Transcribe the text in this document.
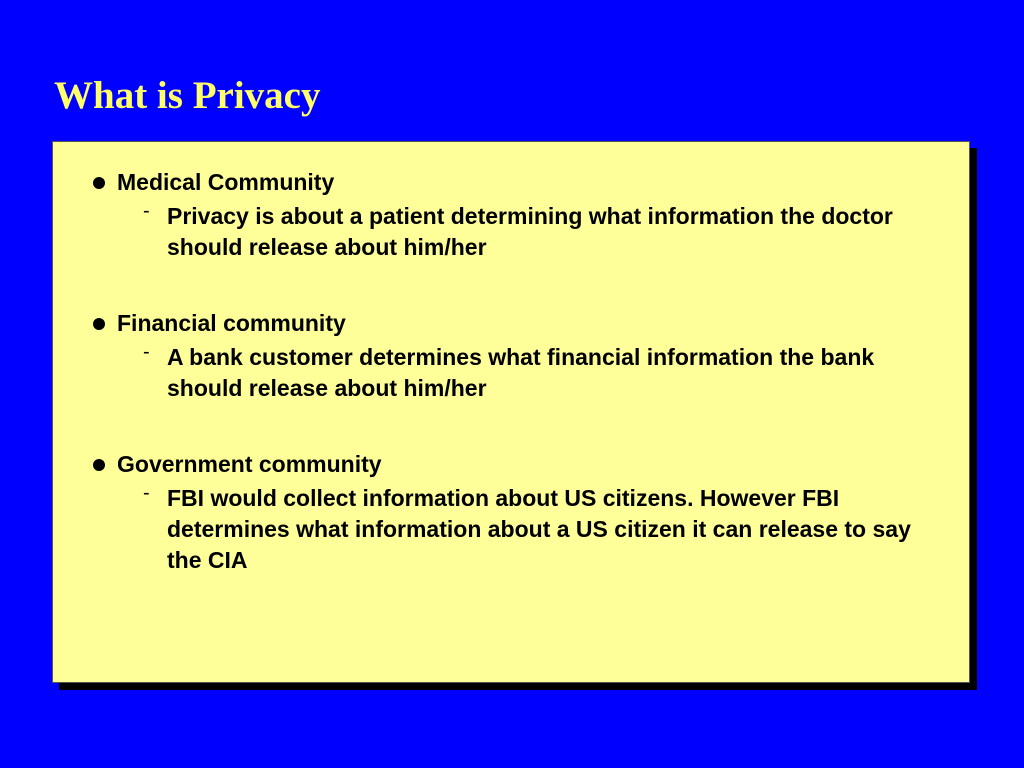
What is Privacy
Medical Community
- Privacy is about a patient determining what information the doctor should release about him/her
Financial community
- A bank customer determines what financial information the bank should release about him/her
Government community
- FBI would collect information about US citizens. However FBI determines what information about a US citizen it can release to say the CIA
